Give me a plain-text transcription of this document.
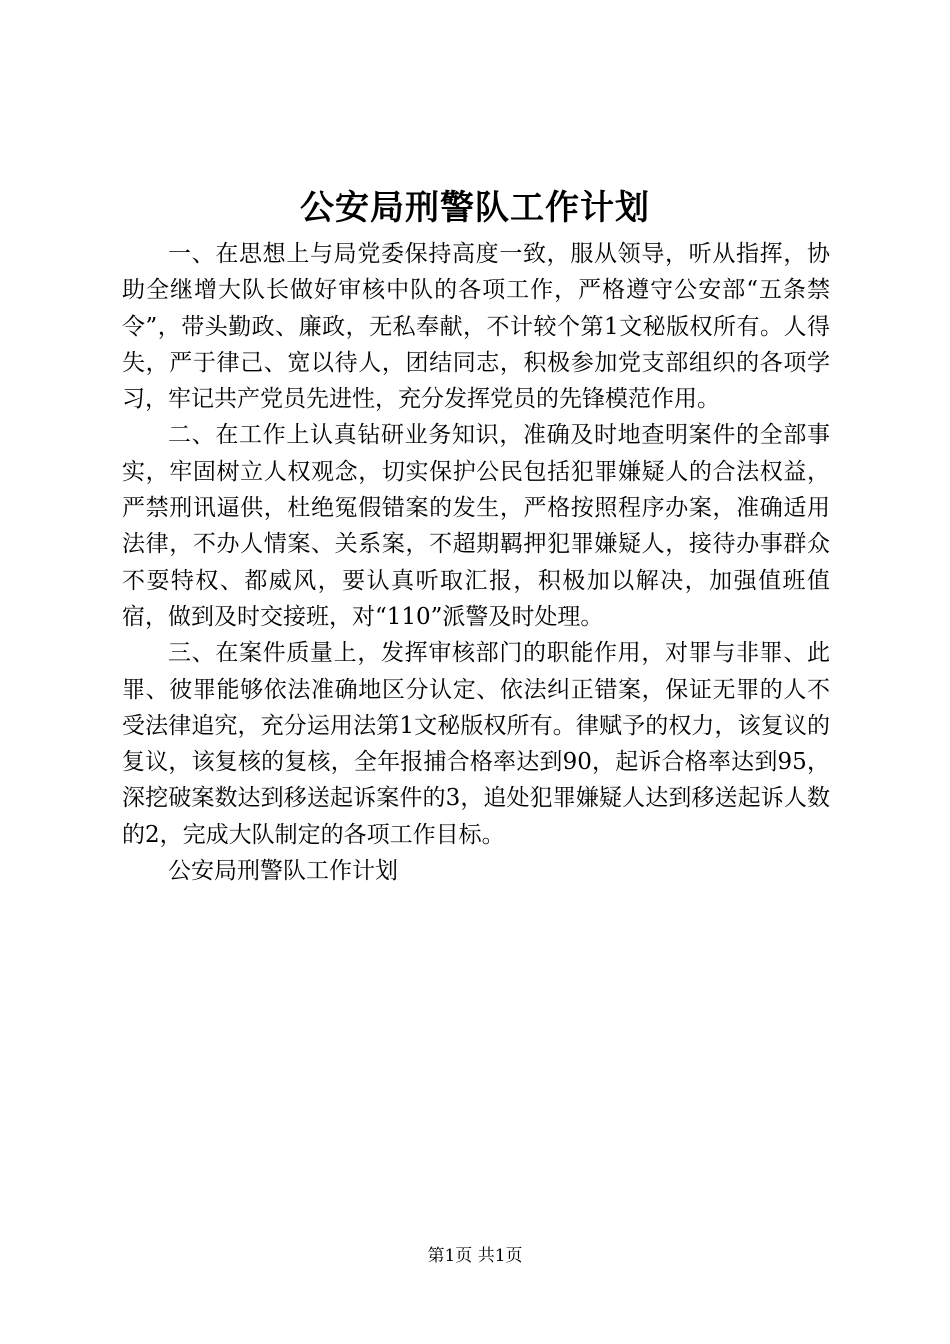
公安局刑警队工作计划

一、在思想上与局党委保持高度一致，服从领导，听从指挥，协助全继增大队长做好审核中队的各项工作，严格遵守公安部“五条禁令”，带头勤政、廉政，无私奉献，不计较个第1文秘版权所有。人得失，严于律己、宽以待人，团结同志，积极参加党支部组织的各项学习，牢记共产党员先进性，充分发挥党员的先锋模范作用。

二、在工作上认真钻研业务知识，准确及时地查明案件的全部事实，牢固树立人权观念，切实保护公民包括犯罪嫌疑人的合法权益，严禁刑讯逼供，杜绝冤假错案的发生，严格按照程序办案，准确适用法律，不办人情案、关系案，不超期羁押犯罪嫌疑人，接待办事群众不耍特权、都威风，要认真听取汇报，积极加以解决，加强值班值宿，做到及时交接班，对“110”派警及时处理。

三、在案件质量上，发挥审核部门的职能作用，对罪与非罪、此罪、彼罪能够依法准确地区分认定、依法纠正错案，保证无罪的人不受法律追究，充分运用法第1文秘版权所有。律赋予的权力，该复议的复议，该复核的复核，全年报捕合格率达到90，起诉合格率达到95，深挖破案数达到移送起诉案件的3，追处犯罪嫌疑人达到移送起诉人数的2，完成大队制定的各项工作目标。

公安局刑警队工作计划

第1页 共1页
